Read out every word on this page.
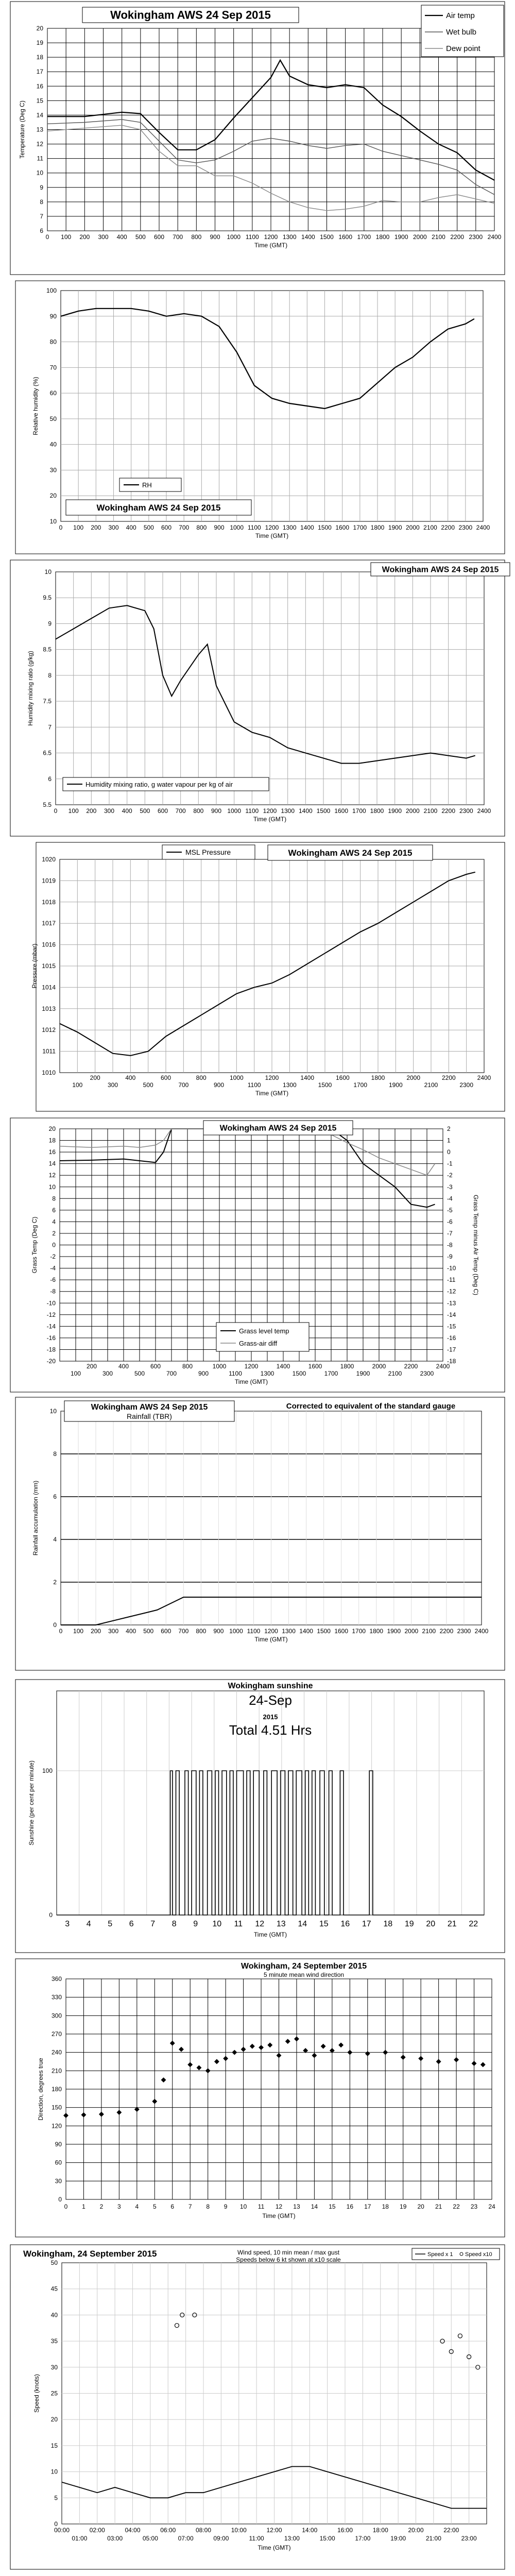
Wokingham AWS 24 Sep 2015	Air temp
Wet bulb
Dew point
0 100 200 300 400 500 600 700 800 900 1000 1100 1200 1300 1400 1500 1600 1700 1800 1900 2000 2100 2200 2300 2400
6
7
8
9
10
11
12
13
14
15
16
17
18
19
20
Time (GMT)
Temperature (Deg C)
RH
Wokingham AWS 24 Sep 2015
0 100 200 300 400 500 600 700 800 900 1000 1100 1200 1300 1400 1500 1600 1700 1800 1900 2000 2100 2200 2300 2400
10
20
30
40
50
60
70
80
90
100
Time (GMT)
Relative humidity (%)
Wokingham AWS 24 Sep 2015
Humidity mixing ratio, g water vapour per kg of air
0 100 200 300 400 500 600 700 800 900 1000 1100 1200 1300 1400 1500 1600 1700 1800 1900 2000 2100 2200 2300 2400
5.5
6
6.5
7
7.5
8
8.5
9
9.5
10
Time (GMT)
Humidity mixing ratio (g/kg)
MSL Pressure	Wokingham AWS 24 Sep 2015
100
200
300
400
500
600
700
800
900
1000
1100
1200
1300
1400
1500
1600
1700
1800
1900
2000
2100
2200
2300
2400
1010
1011
1012
1013
1014
1015
1016
1017
1018
1019
1020
Time (GMT)
Pressure (mbar)
Wokingham AWS 24 Sep 2015
Grass level temp
Grass-air diff
100
200
300
400
500
600
700
800
900
1000
1100
1200
1300
1400
1500
1600
1700
1800
1900
2000
2100
2200
2300
2400
-20
-18
-16
-14
-12
-10
-8
-6
-4
-2
0
2
4
6
8
10
12
14
16
18
20
-18
-17
-16
-15
-14
-13
-12
-11
-10
-9
-8
-7
-6
-5
-4
-3
-2
-1
0
1
2
Time (GMT)
Grass Temp (Deg C)	Grass Temp minus Air Temp (Deg C)
Wokingham AWS 24 Sep 2015
Rainfall (TBR)
Corrected to equivalent of the standard gauge
0 100 200 300 400 500 600 700 800 900 1000 1100 1200 1300 1400 1500 1600 1700 1800 1900 2000 2100 2200 2300 2400
0
2
4
6
8
10
Time (GMT)
Rainfall accumulation (mm)
Wokingham sunshine
24-Sep
2015
Total 4.51 Hrs
3 4 5 6 7 8 9 10 11 12 13 14 15 16 17 18 19 20 21 22
0
100
Time (GMT)
Sunshine (per cent per minute)
Wokingham, 24 September 2015
5 minute mean wind direction
0 1 2 3 4 5 6 7 8 9 10 11 12 13 14 15 16 17 18 19 20 21 22 23 24
0
30
60
90
120
150
180
210
240
270
300
330
360
Time (GMT)
Direction, degrees true
Wokingham, 24 September 2015	Wind speed, 10 min mean / max gust
Speeds below 6 kt shown at x10 scale
Speed x 1 Speed x10
00:00	02:00	04:00	06:00	08:00	10:00	12:00	14:00	16:00	18:00	20:00	22:00
01:00	03:00	05:00	07:00	09:00	11:00	13:00	15:00	17:00	19:00	21:00	23:00
0
5
10
15
20
25
30
35
40
45
50
Time (GMT)
Speed (knots)
